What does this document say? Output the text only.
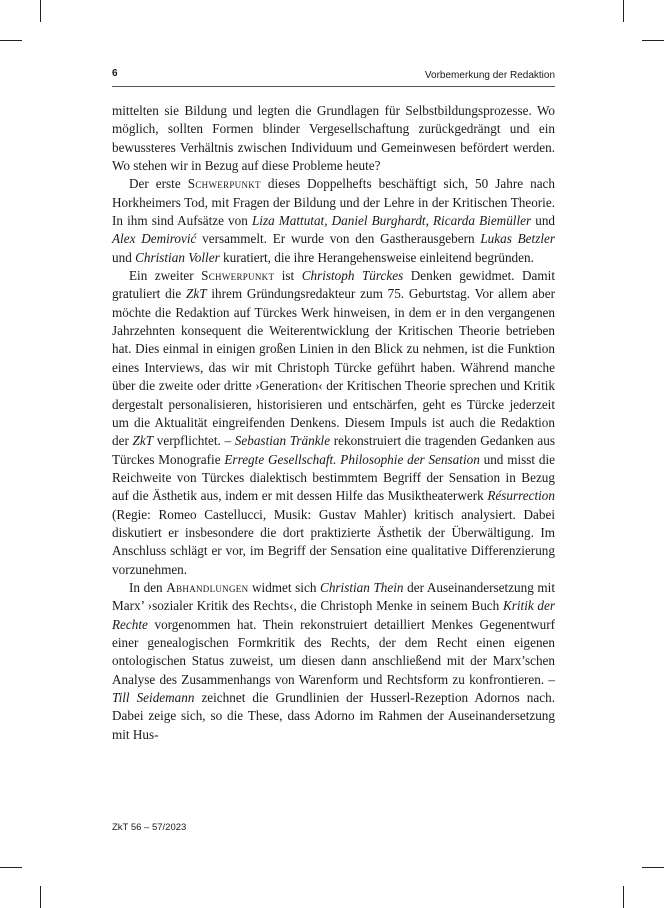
6	Vorbemerkung der Redaktion

mittelten sie Bildung und legten die Grundlagen für Selbstbildungsprozesse. Wo möglich, sollten Formen blinder Vergesellschaftung zurückgedrängt und ein bewussteres Verhältnis zwischen Individuum und Gemeinwesen befördert werden. Wo stehen wir in Bezug auf diese Probleme heute?

Der erste Schwerpunkt dieses Doppelhefts beschäftigt sich, 50 Jahre nach Horkheimers Tod, mit Fragen der Bildung und der Lehre in der Kritischen Theorie. In ihm sind Aufsätze von Liza Mattutat, Daniel Burghardt, Ricarda Biemüller und Alex Demirović versammelt. Er wurde von den Gastherausgebern Lukas Betzler und Christian Voller kuratiert, die ihre Herangehensweise einleitend begründen.

Ein zweiter Schwerpunkt ist Christoph Türckes Denken gewidmet. Damit gratuliert die ZkT ihrem Gründungsredakteur zum 75. Geburtstag. Vor allem aber möchte die Redaktion auf Türckes Werk hinweisen, in dem er in den vergangenen Jahrzehnten konsequent die Weiterentwicklung der Kritischen Theorie betrieben hat. Dies einmal in einigen großen Linien in den Blick zu nehmen, ist die Funktion eines Interviews, das wir mit Christoph Türcke geführt haben. Während manche über die zweite oder dritte ›Generation‹ der Kritischen Theorie sprechen und Kritik dergestalt personalisieren, historisieren und entschärfen, geht es Türcke jederzeit um die Aktualität eingreifenden Denkens. Diesem Impuls ist auch die Redaktion der ZkT verpflichtet. – Sebastian Tränkle rekonstruiert die tragenden Gedanken aus Türckes Monografie Erregte Gesellschaft. Philosophie der Sensation und misst die Reichweite von Türckes dialektisch bestimmtem Begriff der Sensation in Bezug auf die Ästhetik aus, indem er mit dessen Hilfe das Musiktheaterwerk Résurrection (Regie: Romeo Castellucci, Musik: Gustav Mahler) kritisch analysiert. Dabei diskutiert er insbesondere die dort praktizierte Ästhetik der Überwältigung. Im Anschluss schlägt er vor, im Begriff der Sensation eine qualitative Differenzierung vorzunehmen.

In den Abhandlungen widmet sich Christian Thein der Auseinandersetzung mit Marx’ ›sozialer Kritik des Rechts‹, die Christoph Menke in seinem Buch Kritik der Rechte vorgenommen hat. Thein rekonstruiert detailliert Menkes Gegenentwurf einer genealogischen Formkritik des Rechts, der dem Recht einen eigenen ontologischen Status zuweist, um diesen dann anschließend mit der Marx’schen Analyse des Zusammenhangs von Warenform und Rechtsform zu konfrontieren. – Till Seidemann zeichnet die Grundlinien der Husserl-Rezeption Adornos nach. Dabei zeige sich, so die These, dass Adorno im Rahmen der Auseinandersetzung mit Hus-

ZkT 56 – 57/2023
